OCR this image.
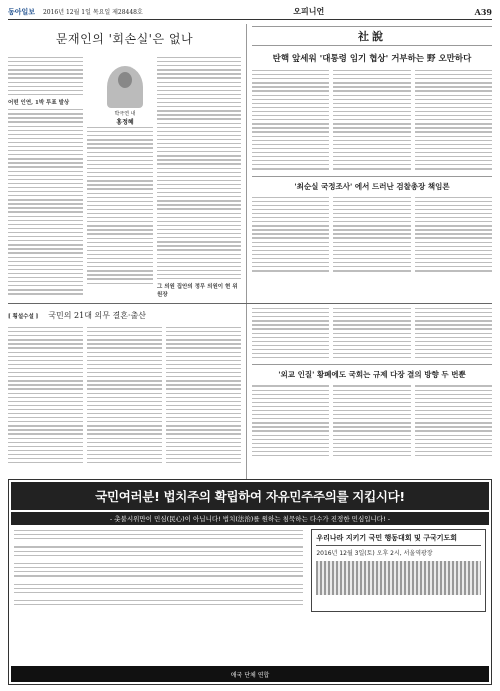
동아일보 2016년 12월 1일 목요일 제28448호	오피니언	A39
문재인의 '회손실'은 없나
어떤 인연, 1박 투표 발상
그 의원 집안의 정무 의원이 현 위원장
박극연 내
홍정혜
社說
탄핵 앞세워 '대통령 임기 협상' 거부하는 野 오만하다
'최순실 국정조사' 에서 드러난 검찰총장 책임론
[ 횡설수설 ] 국민의 21대 의무 결혼·출산
'외교 인질' 황폐에도 국회는 규제 다장 결의 방향 두 번뿐
국민여러분! 법치주의 확립하여 자유민주주의를 지킵시다!
- 촛불시위만이 민심(民心)이 아닙니다! 법치(法治)를 원하는 침묵하는 다수가 진정한 민심입니다! -
우리나라 지키기 국민 행동대회 및 구국기도회
2016년 12월 3일(토) 오후 2시, 서울역광장
애국 단체 연합
